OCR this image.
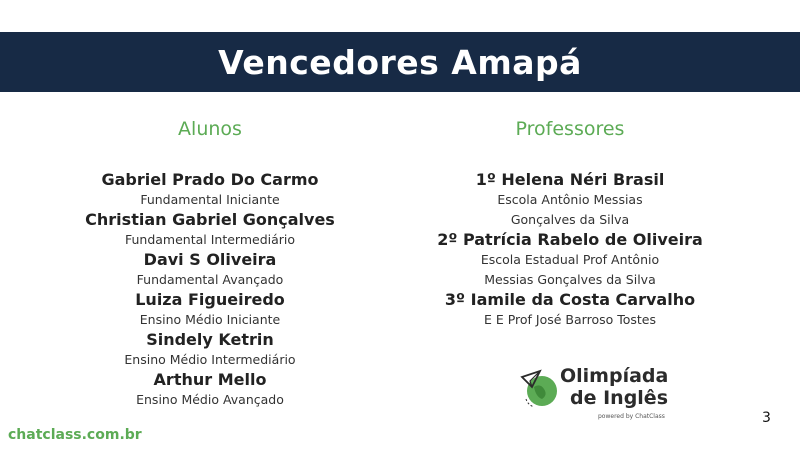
Vencedores Amapá
Alunos
Gabriel Prado Do Carmo
Fundamental Iniciante
Christian Gabriel Gonçalves
Fundamental Intermediário
Davi S Oliveira
Fundamental Avançado
Luiza Figueiredo
Ensino Médio Iniciante
Sindely Ketrin
Ensino Médio Intermediário
Arthur Mello
Ensino Médio Avançado
Professores
1º Helena Néri Brasil
Escola Antônio Messias
Gonçalves da Silva
2º Patrícia Rabelo de Oliveira
Escola Estadual Prof Antônio
Messias Gonçalves da Silva
3º Iamile da Costa Carvalho
E E Prof José Barroso Tostes
Olimpíada
de Inglês
powered by ChatClass
chatclass.com.br
3
